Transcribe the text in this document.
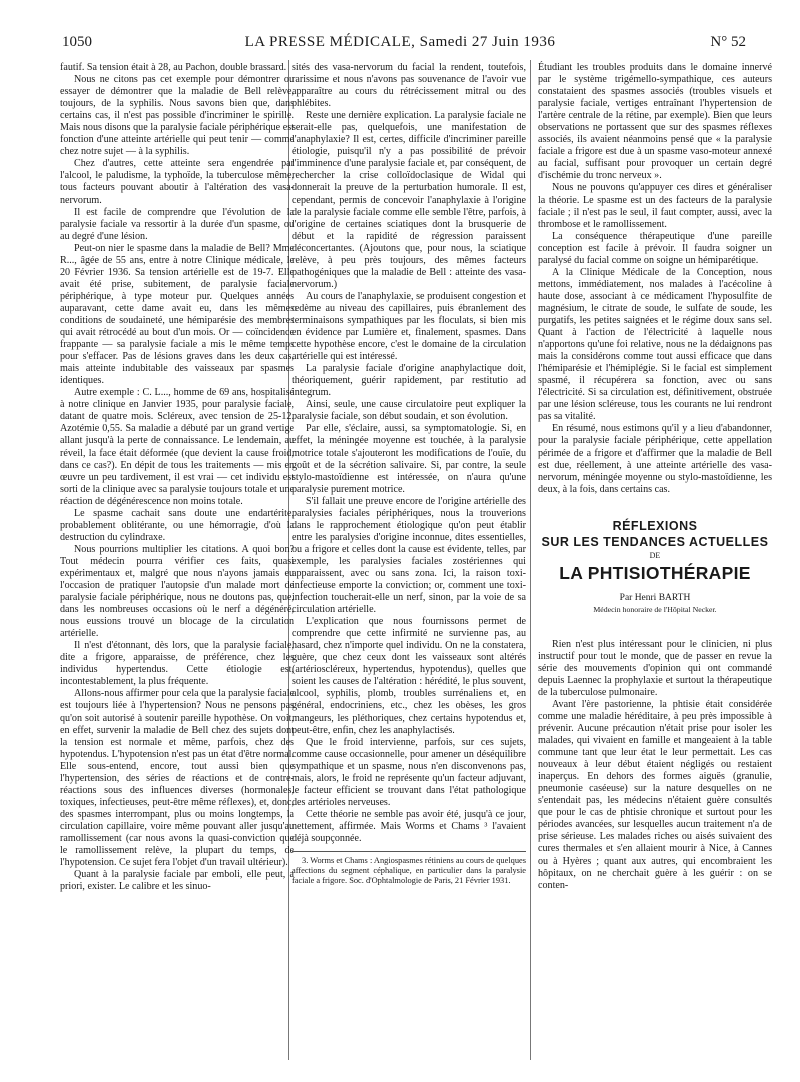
1050	LA PRESSE MÉDICALE, Samedi 27 Juin 1936	N° 52

fautif. Sa tension était à 28, au Pachon, double brassard.

Nous ne citons pas cet exemple pour démontrer ou essayer de démontrer que la maladie de Bell relève, toujours, de la syphilis. Nous savons bien que, dans certains cas, il n'est pas possible d'incriminer le spirille. Mais nous disons que la paralysie faciale périphérique est fonction d'une atteinte artérielle qui peut tenir — comme chez notre sujet — à la syphilis.

Chez d'autres, cette atteinte sera engendrée par l'alcool, le paludisme, la typhoïde, la tuberculose même, tous facteurs pouvant aboutir à l'altération des vasa-nervorum.

Il est facile de comprendre que l'évolution de la paralysie faciale va ressortir à la durée d'un spasme, ou au degré d'une lésion.

Peut-on nier le spasme dans la maladie de Bell? Mme R..., âgée de 55 ans, entre à notre Clinique médicale, le 20 Février 1936. Sa tension artérielle est de 19-7. Elle avait été prise, subitement, de paralysie faciale périphérique, à type moteur pur. Quelques années auparavant, cette dame avait eu, dans les mêmes conditions de soudaineté, une hémiparésie des membres qui avait rétrocédé au bout d'un mois. Or — coïncidence frappante — sa paralysie faciale a mis le même temps pour s'effacer. Pas de lésions graves dans les deux cas, mais atteinte indubitable des vaisseaux par spasmes identiques.

Autre exemple : C. L..., homme de 69 ans, hospitalisé à notre clinique en Janvier 1935, pour paralysie faciale, datant de quatre mois. Scléreux, avec tension de 25-12. Azotémie 0,55. Sa maladie a débuté par un grand vertige allant jusqu'à la perte de connaissance. Le lendemain, au réveil, la face était déformée (que devient la cause froid, dans ce cas?). En dépit de tous les traitements — mis en œuvre un peu tardivement, il est vrai — cet individu est sorti de la clinique avec sa paralysie toujours totale et une réaction de dégénérescence non moins totale.

Le spasme cachait sans doute une endartérite, probablement oblitérante, ou une hémorragie, d'où la destruction du cylindraxe.

Nous pourrions multiplier les citations. A quoi bon? Tout médecin pourra vérifier ces faits, quasi expérimentaux et, malgré que nous n'ayons jamais eu l'occasion de pratiquer l'autopsie d'un malade mort de paralysie faciale périphérique, nous ne doutons pas, que, dans les nombreuses occasions où le nerf a dégénéré, nous eussions trouvé un blocage de la circulation artérielle.

Il n'est d'étonnant, dès lors, que la paralysie faciale, dite a frigore, apparaisse, de préférence, chez les individus hypertendus. Cette étiologie est, incontestablement, la plus fréquente.

Allons-nous affirmer pour cela que la paralysie faciale est toujours liée à l'hypertension? Nous ne pensons pas qu'on soit autorisé à soutenir pareille hypothèse. On voit, en effet, survenir la maladie de Bell chez des sujets dont la tension est normale et même, parfois, chez des hypotendus. L'hypotension n'est pas un état d'être normal. Elle sous-entend, encore, tout aussi bien que l'hypertension, des séries de réactions et de contre-réactions sous des influences diverses (hormonales, toxiques, infectieuses, peut-être même réflexes), et, donc, des spasmes interrompant, plus ou moins longtemps, la circulation capillaire, voire même pouvant aller jusqu'au ramollissement (car nous avons la quasi-conviction que le ramollissement relève, la plupart du temps, de l'hypotension. Ce sujet fera l'objet d'un travail ultérieur).

Quant à la paralysie faciale par emboli, elle peut, a priori, exister. Le calibre et les sinuo-

sités des vasa-nervorum du facial la rendent, toutefois, rarissime et nous n'avons pas souvenance de l'avoir vue apparaître au cours du rétrécissement mitral ou des phlébites.

Reste une dernière explication. La paralysie faciale ne serait-elle pas, quelquefois, une manifestation de l'anaphylaxie? Il est, certes, difficile d'incriminer pareille étiologie, puisqu'il n'y a pas possibilité de prévoir l'imminence d'une paralysie faciale et, par conséquent, de rechercher la crise colloïdoclasique de Widal qui donnerait la preuve de la perturbation humorale. Il est, cependant, permis de concevoir l'anaphylaxie à l'origine de la paralysie faciale comme elle semble l'être, parfois, à l'origine de certaines sciatiques dont la brusquerie de début et la rapidité de régression paraissent déconcertantes. (Ajoutons que, pour nous, la sciatique relève, à peu près toujours, des mêmes facteurs pathogéniques que la maladie de Bell : atteinte des vasa-nervorum.)

Au cours de l'anaphylaxie, se produisent congestion et œdème au niveau des capillaires, puis ébranlement des terminaisons sympathiques par les floculats, si bien mis en évidence par Lumière et, finalement, spasmes. Dans cette hypothèse encore, c'est le domaine de la circulation artérielle qui est intéressé.

La paralysie faciale d'origine anaphylactique doit, théoriquement, guérir rapidement, par restitutio ad integrum.

Ainsi, seule, une cause circulatoire peut expliquer la paralysie faciale, son début soudain, et son évolution.

Par elle, s'éclaire, aussi, sa symptomatologie. Si, en effet, la méningée moyenne est touchée, à la paralysie motrice totale s'ajouteront les modifications de l'ouïe, du goût et de la sécrétion salivaire. Si, par contre, la seule stylo-mastoïdienne est intéressée, on n'aura qu'une paralysie purement motrice.

S'il fallait une preuve encore de l'origine artérielle des paralysies faciales périphériques, nous la trouverions dans le rapprochement étiologique qu'on peut établir entre les paralysies d'origine inconnue, dites essentielles, ou a frigore et celles dont la cause est évidente, telles, par exemple, les paralysies faciales zostériennes qui apparaissent, avec ou sans zona. Ici, la raison toxi-infectieuse emporte la conviction; or, comment une toxi-infection toucherait-elle un nerf, sinon, par la voie de sa circulation artérielle.

L'explication que nous fournissons permet de comprendre que cette infirmité ne survienne pas, au hasard, chez n'importe quel individu. On ne la constatera, guère, que chez ceux dont les vaisseaux sont altérés (artérioscléreux, hypertendus, hypotendus), quelles que soient les causes de l'altération : hérédité, le plus souvent, alcool, syphilis, plomb, troubles surrénaliens et, en général, endocriniens, etc., chez les obèses, les gros mangeurs, les pléthoriques, chez certains hypotendus et, peut-être, enfin, chez les anaphylactisés.

Que le froid intervienne, parfois, sur ces sujets, comme cause occasionnelle, pour amener un déséquilibre sympathique et un spasme, nous n'en disconvenons pas, mais, alors, le froid ne représente qu'un facteur adjuvant, le facteur efficient se trouvant dans l'état pathologique des artérioles nerveuses.

Cette théorie ne semble pas avoir été, jusqu'à ce jour, nettement, affirmée. Mais Worms et Chams ³ l'avaient déjà soupçonnée.

3. Worms et Chams : Angiospasmes rétiniens au cours de quelques affections du segment céphalique, en particulier dans la paralysie faciale a frigore. Soc. d'Ophtalmologie de Paris, 21 Février 1931.

Étudiant les troubles produits dans le domaine innervé par le système trigémello-sympathique, ces auteurs constataient des spasmes associés (troubles visuels et paralysie faciale, vertiges entraînant l'hypertension de l'artère centrale de la rétine, par exemple). Bien que leurs observations ne portassent que sur des spasmes réflexes associés, ils avaient néanmoins pensé que « la paralysie faciale a frigore est due à un spasme vaso-moteur annexé au facial, suffisant pour provoquer un certain degré d'ischémie du tronc nerveux ».

Nous ne pouvons qu'appuyer ces dires et généraliser la théorie. Le spasme est un des facteurs de la paralysie faciale ; il n'est pas le seul, il faut compter, aussi, avec la thrombose et le ramollissement.

La conséquence thérapeutique d'une pareille conception est facile à prévoir. Il faudra soigner un paralysé du facial comme on soigne un hémiparétique.

A la Clinique Médicale de la Conception, nous mettons, immédiatement, nos malades à l'acécoline à haute dose, associant à ce médicament l'hyposulfite de magnésium, le citrate de soude, le sulfate de soude, les purgatifs, les petites saignées et le régime doux sans sel. Quant à l'action de l'électricité à laquelle nous n'apportons qu'une foi relative, nous ne la dédaignons pas mais la considérons comme tout aussi efficace que dans l'hémiparésie et l'hémiplégie. Si le facial est simplement spasmé, il récupérera sa fonction, avec ou sans l'électricité. Si sa circulation est, définitivement, obstruée par une lésion scléreuse, tous les courants ne lui rendront pas sa vitalité.

En résumé, nous estimons qu'il y a lieu d'abandonner, pour la paralysie faciale périphérique, cette appellation périmée de a frigore et d'affirmer que la maladie de Bell est due, réellement, à une atteinte artérielle des vasa-nervorum, méningée moyenne ou stylo-mastoïdienne, les deux, à la fois, dans certains cas.

RÉFLEXIONS
SUR LES TENDANCES ACTUELLES
DE
LA PHTISIOTHÉRAPIE
Par Henri BARTH
Médecin honoraire de l'Hôpital Necker.

Rien n'est plus intéressant pour le clinicien, ni plus instructif pour tout le monde, que de passer en revue la série des mouvements d'opinion qui ont commandé depuis Laennec la prophylaxie et surtout la thérapeutique de la tuberculose pulmonaire.

Avant l'ère pastorienne, la phtisie était considérée comme une maladie héréditaire, à peu près impossible à prévenir. Aucune précaution n'était prise pour isoler les malades, qui vivaient en famille et mangeaient à la table commune tant que leur état le leur permettait. Les cas nouveaux à leur début étaient négligés ou restaient inaperçus. En dehors des formes aiguës (granulie, pneumonie caséeuse) sur la nature desquelles on ne s'entendait pas, les médecins n'étaient guère consultés que pour le cas de phtisie chronique et surtout pour les périodes avancées, sur lesquelles aucun traitement n'a de prise sérieuse. Les malades riches ou aisés suivaient des cures thermales et s'en allaient mourir à Nice, à Cannes ou à Hyères ; quant aux autres, qui encombraient les hôpitaux, on ne cherchait guère à les guérir : on se conten-
